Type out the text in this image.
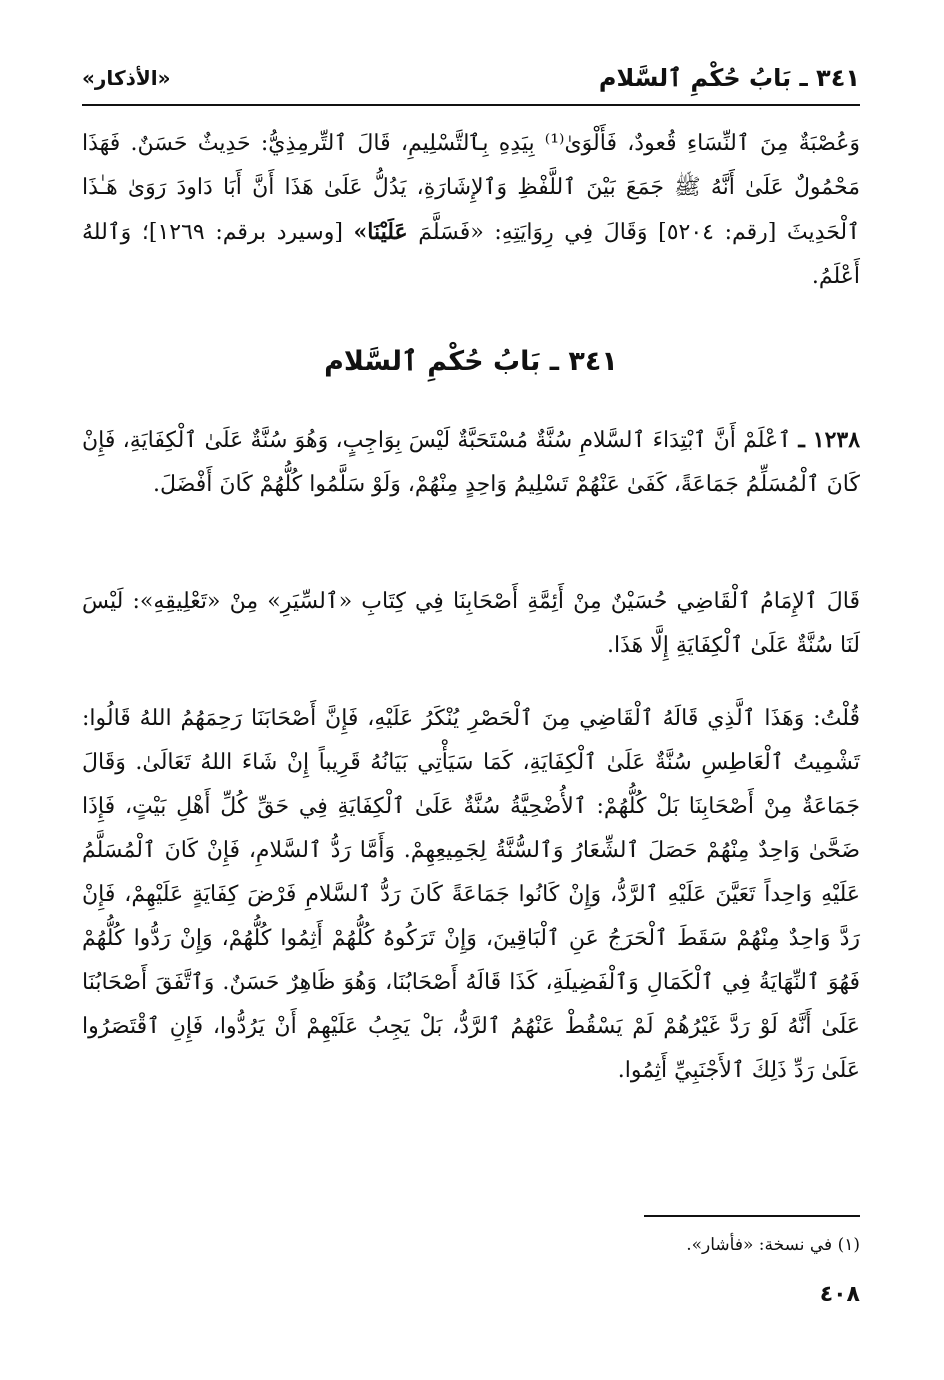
٣٤١ ـ بَابُ حُكْمِ ٱلسَّلام
«الأذكار»
وَعُصْبَةٌ مِنَ ٱلنِّسَاءِ قُعودٌ، فَأَلْوَىٰ⁽¹⁾ بِيَدِهِ بِٱلتَّسْلِيمِ، قَالَ ٱلتِّرمِذِيُّ: حَدِيثٌ حَسَنٌ. فَهَذَا مَحْمُولٌ عَلَىٰ أَنَّهُ ﷺ جَمَعَ بَيْنَ ٱللَّفْظِ وَٱلإِشَارَةِ، يَدُلُّ عَلَىٰ هَذَا أَنَّ أَبَا دَاودَ رَوَىٰ هَـٰذَا ٱلْحَدِيثَ [رقم: ٥٢٠٤] وَقَالَ فِي رِوَايَتِهِ: «فَسَلَّمَ عَلَيْنَا» [وسيرد برقم: ١٢٦٩]؛ وَٱللهُ أَعْلَمُ.
٣٤١ ـ بَابُ حُكْمِ ٱلسَّلام
١٢٣٨ ـ ٱعْلَمْ أَنَّ ٱبْتِدَاءَ ٱلسَّلامِ سُنَّةٌ مُسْتَحَبَّةٌ لَيْسَ بِوَاجِبٍ، وَهُوَ سُنَّةٌ عَلَىٰ ٱلْكِفَايَةِ، فَإِنْ كَانَ ٱلْمُسَلِّمُ جَمَاعَةً، كَفَىٰ عَنْهُمْ تَسْلِيمُ وَاحِدٍ مِنْهُمْ، وَلَوْ سَلَّمُوا كُلُّهُمْ كَانَ أَفْضَلَ.
قَالَ ٱلإِمَامُ ٱلْقَاضِي حُسَيْنٌ مِنْ أَئِمَّةِ أَصْحَابِنَا فِي كِتَابِ «ٱلسِّيَرِ» مِنْ «تَعْلِيقِهِ»: لَيْسَ لَنَا سُنَّةٌ عَلَىٰ ٱلْكِفَايَةِ إِلَّا هَذَا.
قُلْتُ: وَهَذَا ٱلَّذِي قَالَهُ ٱلْقَاضِي مِنَ ٱلْحَصْرِ يُنْكَرُ عَلَيْهِ، فَإِنَّ أَصْحَابَنَا رَحِمَهُمُ اللهُ قَالُوا: تَشْمِيتُ ٱلْعَاطِسِ سُنَّةٌ عَلَىٰ ٱلْكِفَايَةِ، كَمَا سَيَأْتِي بَيَانُهُ قَرِيباً إِنْ شَاءَ اللهُ تَعَالَىٰ. وَقَالَ جَمَاعَةٌ مِنْ أَصْحَابِنَا بَلْ كُلُّهُمْ: ٱلأُضْحِيَّةُ سُنَّةٌ عَلَىٰ ٱلْكِفَايَةِ فِي حَقِّ كُلِّ أَهْلِ بَيْتٍ، فَإِذَا ضَحَّىٰ وَاحِدٌ مِنْهُمْ حَصَلَ ٱلشِّعَارُ وَٱلسُّنَّةُ لِجَمِيعِهِمْ. وَأَمَّا رَدُّ ٱلسَّلامِ، فَإِنْ كَانَ ٱلْمُسَلَّمُ عَلَيْهِ وَاحِداً تَعَيَّنَ عَلَيْهِ ٱلرَّدُّ، وَإِنْ كَانُوا جَمَاعَةً كَانَ رَدُّ ٱلسَّلامِ فَرْضَ كِفَايَةٍ عَلَيْهِمْ، فَإِنْ رَدَّ وَاحِدٌ مِنْهُمْ سَقَطَ ٱلْحَرَجُ عَنِ ٱلْبَاقِينَ، وَإِنْ تَرَكُوهُ كُلُّهُمْ أَثِمُوا كُلُّهُمْ، وَإِنْ رَدُّوا كُلُّهُمْ فَهُوَ ٱلنِّهَايَةُ فِي ٱلْكَمَالِ وَٱلْفَضِيلَةِ، كَذَا قَالَهُ أَصْحَابُنَا، وَهُوَ ظَاهِرٌ حَسَنٌ. وَٱتَّفَقَ أَصْحَابُنَا عَلَىٰ أَنَّهُ لَوْ رَدَّ غَيْرُهُمْ لَمْ يَسْقُطْ عَنْهُمُ ٱلرَّدُّ، بَلْ يَجِبُ عَلَيْهِمْ أَنْ يَرُدُّوا، فَإِنِ ٱقْتَصَرُوا عَلَىٰ رَدِّ ذَلِكَ ٱلأَجْنَبِيِّ أَثِمُوا.
(١) في نسخة: «فأشار».
٤٠٨
